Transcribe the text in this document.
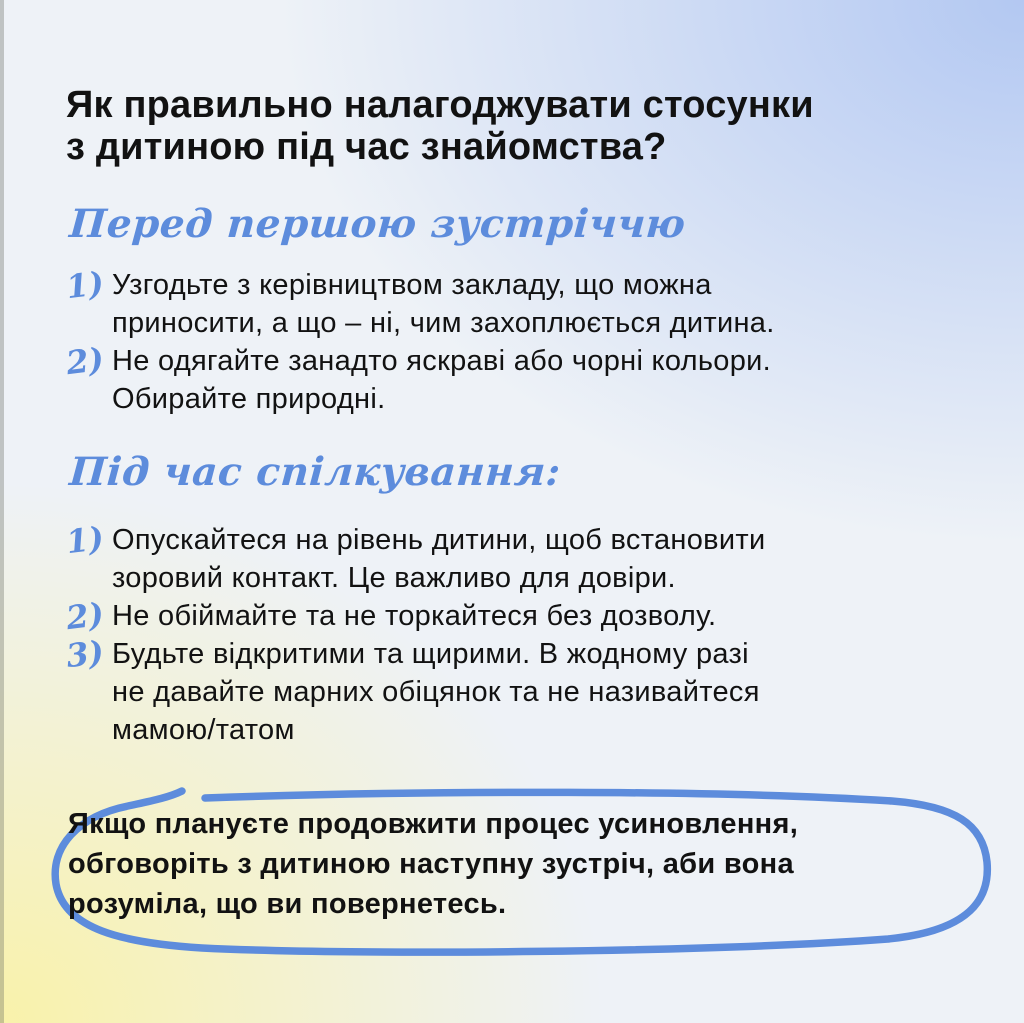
Як правильно налагоджувати стосунки
з дитиною під час знайомства?
Перед першою зустріччю
1) Узгодьте з керівництвом закладу, що можна
приносити, а що – ні, чим захоплюється дитина.
2) Не одягайте занадто яскраві або чорні кольори.
Обирайте природні.
Під час спілкування:
1) Опускайтеся на рівень дитини, щоб встановити
зоровий контакт. Це важливо для довіри.
2) Не обіймайте та не торкайтеся без дозволу.
3) Будьте відкритими та щирими. В жодному разі
не давайте марних обіцянок та не називайтеся
мамою/татом

Якщо плануєте продовжити процес усиновлення,
обговоріть з дитиною наступну зустріч, аби вона
розуміла, що ви повернетесь.
